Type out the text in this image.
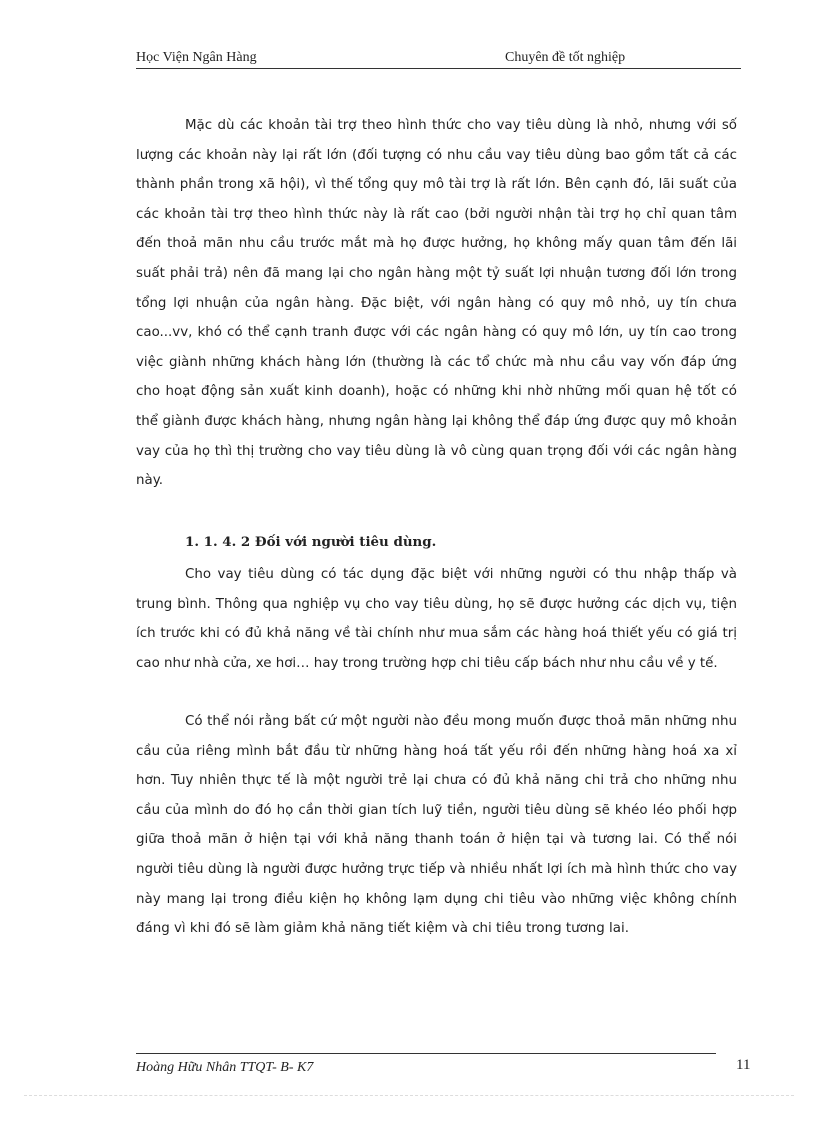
Học Viện Ngân Hàng	Chuyên đề tốt nghiệp

Mặc dù các khoản tài trợ theo hình thức cho vay tiêu dùng là nhỏ, nhưng với số lượng các khoản này lại rất lớn (đối tượng có nhu cầu vay tiêu dùng bao gồm tất cả các thành phần trong xã hội), vì thế tổng quy mô tài trợ là rất lớn. Bên cạnh đó, lãi suất của các khoản tài trợ theo hình thức này là rất cao (bởi người nhận tài trợ họ chỉ quan tâm đến thoả mãn nhu cầu trước mắt mà họ được hưởng, họ không mấy quan tâm đến lãi suất phải trả) nên đã mang lại cho ngân hàng một tỷ suất lợi nhuận tương đối lớn trong tổng lợi nhuận của ngân hàng. Đặc biệt, với ngân hàng có quy mô nhỏ, uy tín chưa cao...vv, khó có thể cạnh tranh được với các ngân hàng có quy mô lớn, uy tín cao trong việc giành những khách hàng lớn (thường là các tổ chức mà nhu cầu vay vốn đáp ứng cho hoạt động sản xuất kinh doanh), hoặc có những khi nhờ những mối quan hệ tốt có thể giành được khách hàng, nhưng ngân hàng lại không thể đáp ứng được quy mô khoản vay của họ thì thị trường cho vay tiêu dùng là vô cùng quan trọng đối với các ngân hàng này.

1. 1. 4. 2 Đối với người tiêu dùng.

Cho vay tiêu dùng có tác dụng đặc biệt với những người có thu nhập thấp và trung bình. Thông qua nghiệp vụ cho vay tiêu dùng, họ sẽ được hưởng các dịch vụ, tiện ích trước khi có đủ khả năng về tài chính như mua sắm các hàng hoá thiết yếu có giá trị cao như nhà cửa, xe hơi… hay trong trường hợp chi tiêu cấp bách như nhu cầu về y tế.

Có thể nói rằng bất cứ một người nào đều mong muốn được thoả mãn những nhu cầu của riêng mình bắt đầu từ những hàng hoá tất yếu rồi đến những hàng hoá xa xỉ hơn. Tuy nhiên thực tế là một người trẻ lại chưa có đủ khả năng chi trả cho những nhu cầu của mình do đó họ cần thời gian tích luỹ tiền, người tiêu dùng sẽ khéo léo phối hợp giữa thoả mãn ở hiện tại với khả năng thanh toán ở hiện tại và tương lai. Có thể nói người tiêu dùng là người được hưởng trực tiếp và nhiều nhất lợi ích mà hình thức cho vay này mang lại trong điều kiện họ không lạm dụng chi tiêu vào những việc không chính đáng vì khi đó sẽ làm giảm khả năng tiết kiệm và chi tiêu trong tương lai.

Hoàng Hữu Nhân TTQT- B- K7	11
